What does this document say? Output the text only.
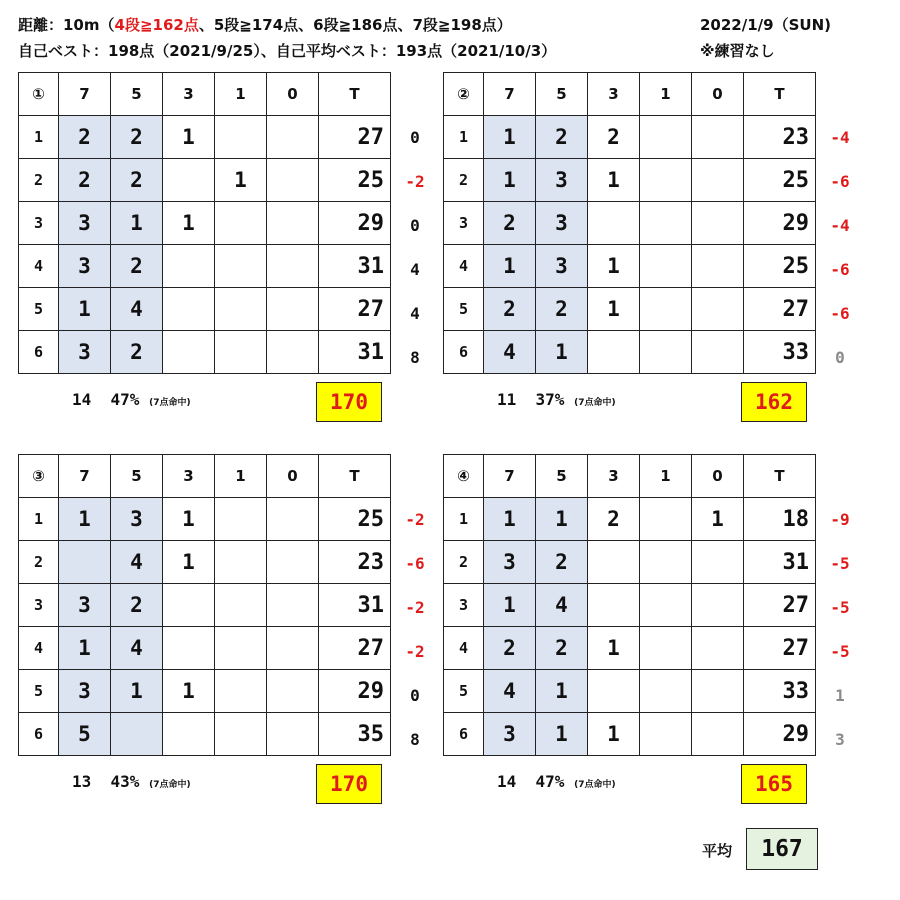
距離：10m（4段≧162点、5段≧174点、6段≧186点、7段≧198点）
自己ベスト：198点（2021/9/25）、自己平均ベスト：193点（2021/10/3）
2022/1/9（SUN)
※練習なし
0
-2
0
4
4
8
①	7	5	3	1	0	T
1	2	2	1			27
2	2	2		1		25
3	3	1	1			29
4	3	2				31
5	1	4				27
6	3	2				31
14 47% (7点命中)	170
-4
-6
-4
-6
-6
0
②	7	5	3	1	0	T
1	1	2	2			23
2	1	3	1			25
3	2	3				29
4	1	3	1			25
5	2	2	1			27
6	4	1				33
11 37% (7点命中)	162
-2
-6
-2
-2
0
8
③	7	5	3	1	0	T
1	1	3	1			25
2		4	1			23
3	3	2				31
4	1	4				27
5	3	1	1			29
6	5					35
13 43% (7点命中)	170
-9
-5
-5
-5
1
3
④	7	5	3	1	0	T
1	1	1	2		1	18
2	3	2				31
3	1	4				27
4	2	2	1			27
5	4	1				33
6	3	1	1			29
14 47% (7点命中)	165
平均	167
